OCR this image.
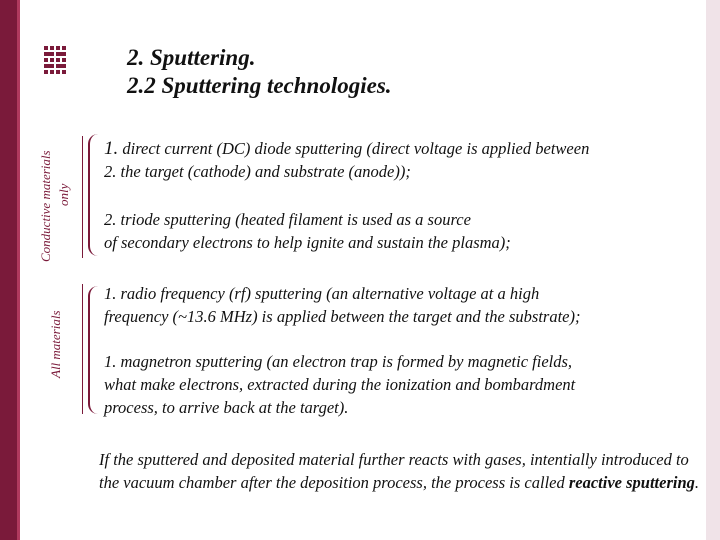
2. Sputtering.
2.2 Sputtering technologies.
Conductive materials only
All materials

1. direct current (DC) diode sputtering (direct voltage is applied between
2. the target (cathode) and substrate (anode));

2. triode sputtering (heated filament is used as a source
of secondary electrons to help ignite and sustain the plasma);

1. radio frequency (rf) sputtering (an alternative voltage at a high
frequency (~13.6 MHz) is applied between the target and the substrate);

1. magnetron sputtering (an electron trap is formed by magnetic fields,
what make electrons, extracted during the ionization and bombardment
process, to arrive back at the target).

If the sputtered and deposited material further reacts with gases, intentially introduced to the vacuum chamber after the deposition process, the process is called reactive sputtering.
